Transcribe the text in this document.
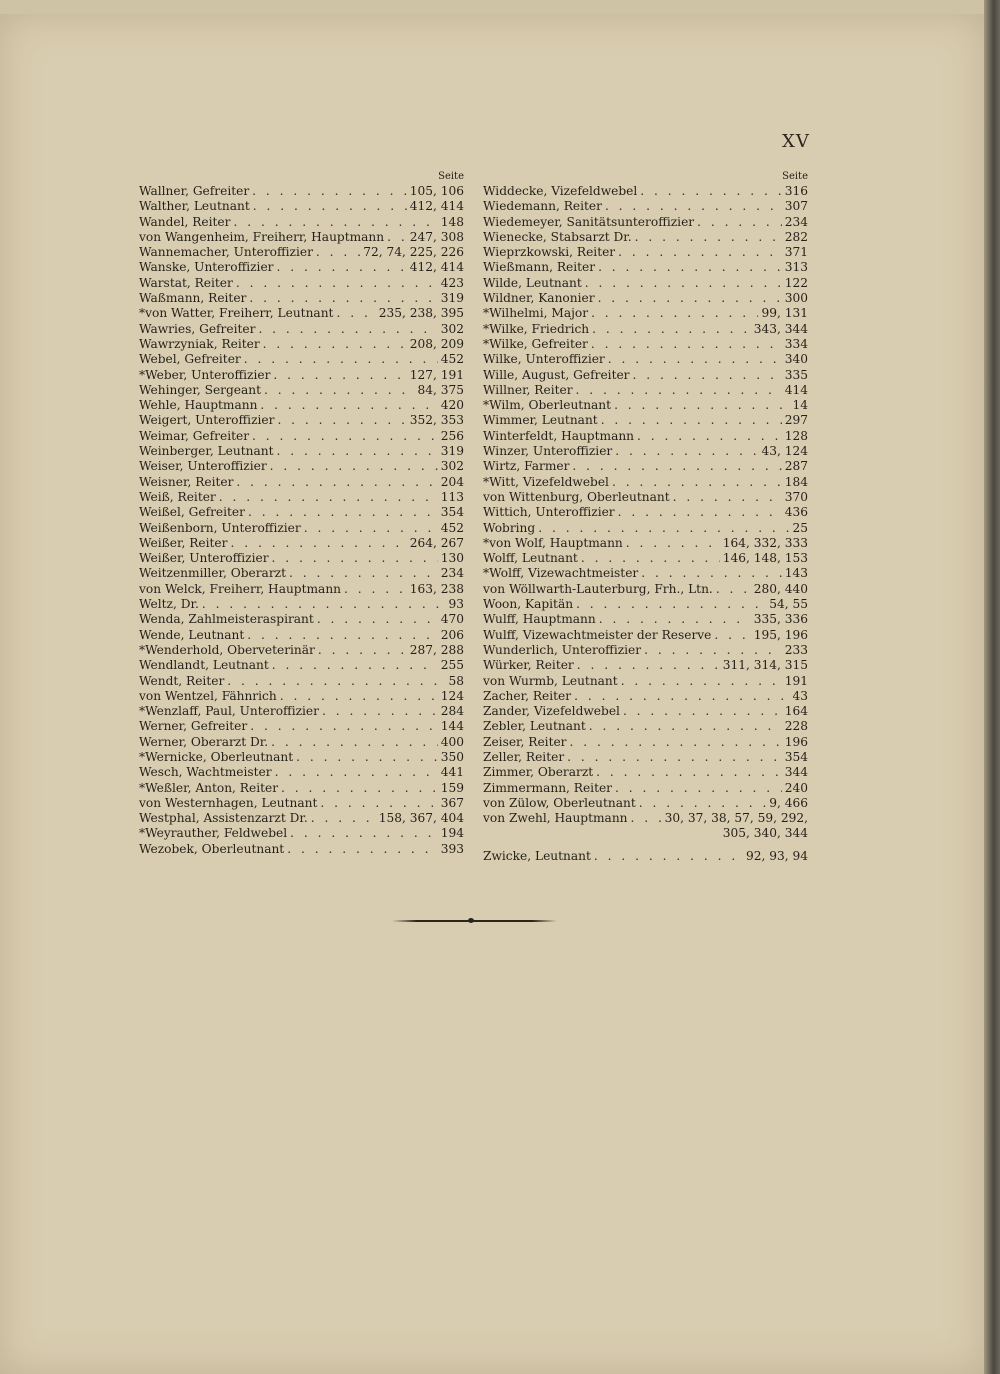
XV
Seite
Wallner, Gefreiter . . .	105, 106
Walther, Leutnant . . .	412, 414
Wandel, Reiter . . .	148
von Wangenheim, Freiherr, Hauptmann . . . 247, 308
Wannemacher, Unteroffizier . . .	72, 74, 225, 226
Wanske, Unteroffizier . . .	412, 414
Warstat, Reiter . . .	423
Waßmann, Reiter . . .	319
*von Watter, Freiherr, Leutnant . . .	235, 238, 395
Wawries, Gefreiter . . .	302
Wawrzyniak, Reiter . . .	208, 209
Webel, Gefreiter . . .	452
*Weber, Unteroffizier . . .	127, 191
Wehinger, Sergeant . . .	84, 375
Wehle, Hauptmann . . .	420
Weigert, Unteroffizier . . .	352, 353
Weimar, Gefreiter . . .	256
Weinberger, Leutnant . . .	319
Weiser, Unteroffizier . . .	302
Weisner, Reiter . . .	204
Weiß, Reiter . . .	113
Weißel, Gefreiter . . .	354
Weißenborn, Unteroffizier . . .	452
Weißer, Reiter . . .	264, 267
Weißer, Unteroffizier . . .	130
Weitzenmiller, Oberarzt . . .	234
von Welck, Freiherr, Hauptmann . . .	163, 238
Weltz, Dr. . . .	93
Wenda, Zahlmeisteraspirant . . .	470
Wende, Leutnant . . .	206
*Wenderhold, Oberveterinär . . .	287, 288
Wendlandt, Leutnant . . .	255
Wendt, Reiter . . .	58
von Wentzel, Fähnrich . . .	124
*Wenzlaff, Paul, Unteroffizier . . .	284
Werner, Gefreiter . . .	144
Werner, Oberarzt Dr. . . .	400
*Wernicke, Oberleutnant . . .	350
Wesch, Wachtmeister . . .	441
*Weßler, Anton, Reiter . . .	159
von Westernhagen, Leutnant . . .	367
Westphal, Assistenzarzt Dr. . . .	158, 367, 404
*Weyrauther, Feldwebel . . .	194
Wezobek, Oberleutnant . . .	393
Seite
Widdecke, Vizefeldwebel . . .	316
Wiedemann, Reiter . . .	307
Wiedemeyer, Sanitätsunteroffizier . . .	234
Wienecke, Stabsarzt Dr. . . .	282
Wieprzkowski, Reiter . . .	371
Wießmann, Reiter . . .	313
Wilde, Leutnant . . .	122
Wildner, Kanonier . . .	300
*Wilhelmi, Major . . .	99, 131
*Wilke, Friedrich . . .	343, 344
*Wilke, Gefreiter . . .	334
Wilke, Unteroffizier . . .	340
Wille, August, Gefreiter . . .	335
Willner, Reiter . . .	414
*Wilm, Oberleutnant . . .	14
Wimmer, Leutnant . . .	297
Winterfeldt, Hauptmann . . .	128
Winzer, Unteroffizier . . .	43, 124
Wirtz, Farmer . . .	287
*Witt, Vizefeldwebel . . .	184
von Wittenburg, Oberleutnant . . .	370
Wittich, Unteroffizier . . .	436
Wobring . . .	25
*von Wolf, Hauptmann . . .	164, 332, 333
Wolff, Leutnant . . .	146, 148, 153
*Wolff, Vizewachtmeister . . .	143
von Wöllwarth-Lauterburg, Frh., Ltn. . . .	280, 440
Woon, Kapitän . . .	54, 55
Wulff, Hauptmann . . .	335, 336
Wulff, Vizewachtmeister der Reserve . . .	195, 196
Wunderlich, Unteroffizier . . .	233
Würker, Reiter . . .	311, 314, 315
von Wurmb, Leutnant . . .	191
Zacher, Reiter . . .	43
Zander, Vizefeldwebel . . .	164
Zebler, Leutnant . . .	228
Zeiser, Reiter . . .	196
Zeller, Reiter . . .	354
Zimmer, Oberarzt . . .	344
Zimmermann, Reiter . . .	240
von Zülow, Oberleutnant . . .	9, 466
von Zwehl, Hauptmann . . .	30, 37, 38, 57, 59, 292,
305, 340, 344
Zwicke, Leutnant . . .	92, 93, 94
